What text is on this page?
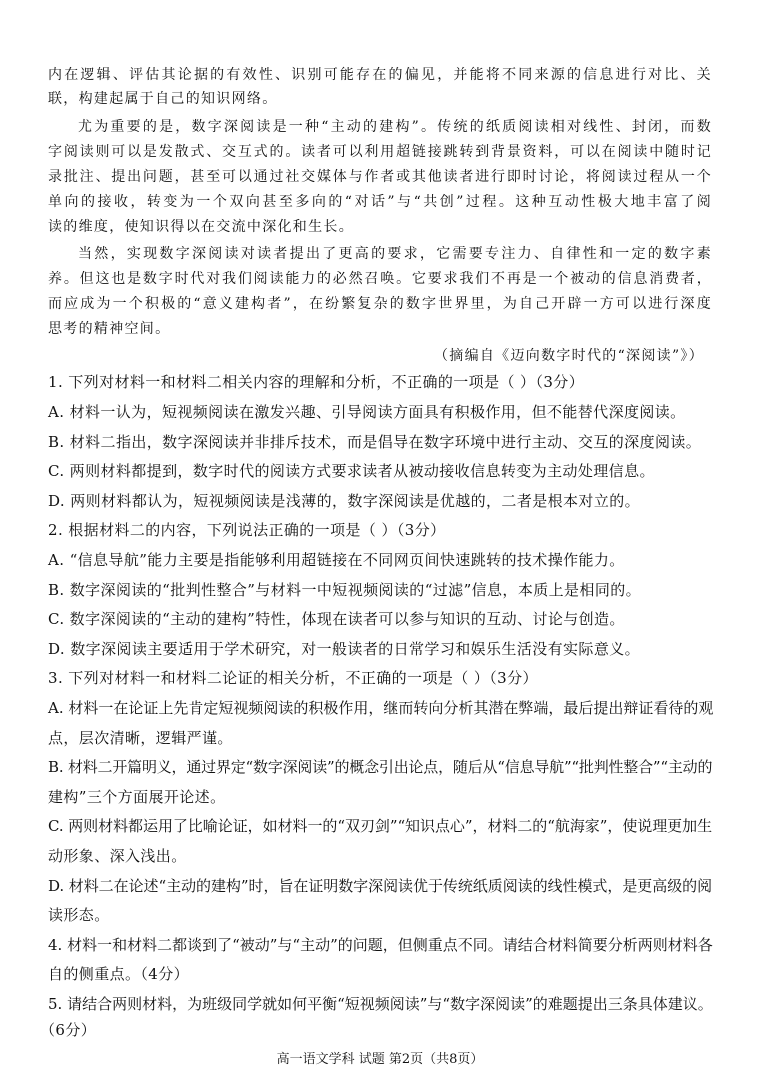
内在逻辑、评估其论据的有效性、识别可能存在的偏见，并能将不同来源的信息进行对比、关
联，构建起属于自己的知识网络。
尤为重要的是，数字深阅读是一种“主动的建构”。传统的纸质阅读相对线性、封闭，而数
字阅读则可以是发散式、交互式的。读者可以利用超链接跳转到背景资料，可以在阅读中随时记
录批注、提出问题，甚至可以通过社交媒体与作者或其他读者进行即时讨论，将阅读过程从一个
单向的接收，转变为一个双向甚至多向的“对话”与“共创”过程。这种互动性极大地丰富了阅
读的维度，使知识得以在交流中深化和生长。
当然，实现数字深阅读对读者提出了更高的要求，它需要专注力、自律性和一定的数字素
养。但这也是数字时代对我们阅读能力的必然召唤。它要求我们不再是一个被动的信息消费者，
而应成为一个积极的“意义建构者”，在纷繁复杂的数字世界里，为自己开辟一方可以进行深度
思考的精神空间。
（摘编自《迈向数字时代的“深阅读”》）
1. 下列对材料一和材料二相关内容的理解和分析，不正确的一项是（ ）（3分）
A. 材料一认为，短视频阅读在激发兴趣、引导阅读方面具有积极作用，但不能替代深度阅读。
B. 材料二指出，数字深阅读并非排斥技术，而是倡导在数字环境中进行主动、交互的深度阅读。
C. 两则材料都提到，数字时代的阅读方式要求读者从被动接收信息转变为主动处理信息。
D. 两则材料都认为，短视频阅读是浅薄的，数字深阅读是优越的，二者是根本对立的。
2. 根据材料二的内容，下列说法正确的一项是（ ）（3分）
A. “信息导航”能力主要是指能够利用超链接在不同网页间快速跳转的技术操作能力。
B. 数字深阅读的“批判性整合”与材料一中短视频阅读的“过滤”信息，本质上是相同的。
C. 数字深阅读的“主动的建构”特性，体现在读者可以参与知识的互动、讨论与创造。
D. 数字深阅读主要适用于学术研究，对一般读者的日常学习和娱乐生活没有实际意义。
3. 下列对材料一和材料二论证的相关分析，不正确的一项是（ ）（3分）
A. 材料一在论证上先肯定短视频阅读的积极作用，继而转向分析其潜在弊端，最后提出辩证看待的观
点，层次清晰，逻辑严谨。
B. 材料二开篇明义，通过界定“数字深阅读”的概念引出论点，随后从“信息导航”“批判性整合”“主动的
建构”三个方面展开论述。
C. 两则材料都运用了比喻论证，如材料一的“双刃剑”“知识点心”，材料二的“航海家”，使说理更加生
动形象、深入浅出。
D. 材料二在论述“主动的建构”时，旨在证明数字深阅读优于传统纸质阅读的线性模式，是更高级的阅
读形态。
4. 材料一和材料二都谈到了“被动”与“主动”的问题，但侧重点不同。请结合材料简要分析两则材料各
自的侧重点。（4分）
5. 请结合两则材料，为班级同学就如何平衡“短视频阅读”与“数字深阅读”的难题提出三条具体建议。
（6分）
高一语文学科 试题 第2页（共8页）
